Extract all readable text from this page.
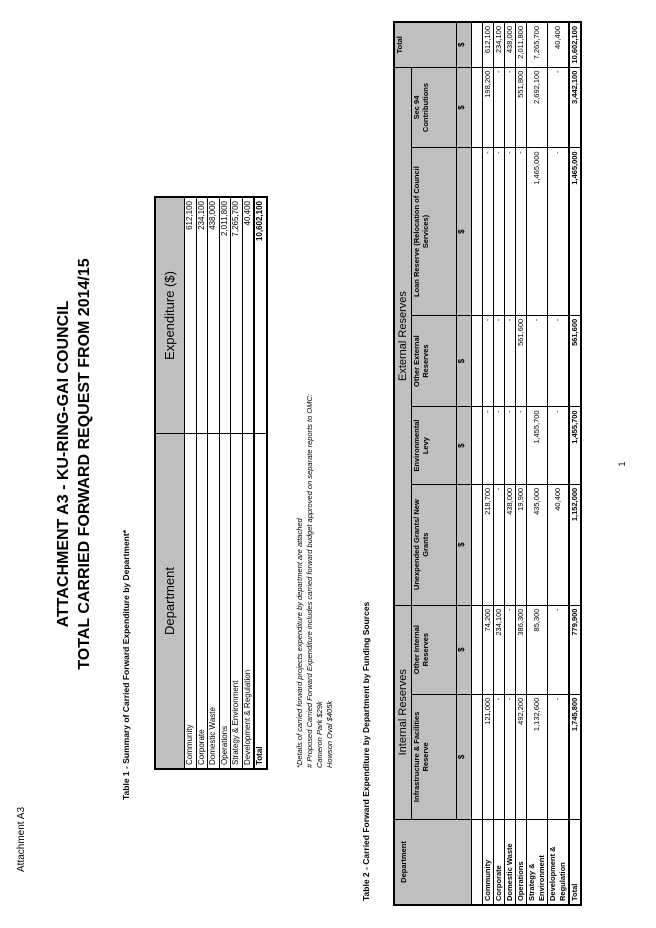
Attachment A3
ATTACHMENT A3 - KU-RING-GAI COUNCIL TOTAL CARRIED FORWARD REQUEST FROM 2014/15	Table 1 - Summary of Carried Forward Expenditure by Department* Department	Expenditure ($)
Community	612,100
Corporate	234,100
Domestic Waste	438,000
Operations	2,011,800
Strategy & Environment	7,265,700
Development & Regulation	40,400
Total	10,602,100
*Details of carried forward projects expenditure by department are attached # Proposed Carried Forward Expenditure includes carried forward budget approved on separate reports to OMC: Cameron Park $29k Howson Oval $405k	Table 2 - Carried Forward Expenditure by Department by Funding Sources	Department	Internal Reserves		External Reserves					Total
	Infrastructure & Facilities Reserve	Other Internal Reserves	Unexpended Grants/ New Grants	Environmental Levy	Other External Reserves	Loan Reserve (Relocation of Council Services)	Sec 94 Contributions	
	$	$	$	$	$	$	$	$

Community	121,000	74,200	218,700	-	-	-	198,200	612,100
Corporate	-	234,100	-	-	-	-	-	234,100
Domestic Waste	-	-	438,000	-	-	-	-	438,000
Operations	492,200	386,300	19,900	-	561,600	-	551,800	2,011,800
Strategy & Environment	1,132,600	85,300	435,000	1,455,700	-	1,465,000	2,692,100	7,265,700
Development & Regulation	-	-	40,400	-	-	-	-	40,400
Total	1,745,800	779,900	1,152,000	1,455,700	561,600	1,465,000	3,442,100	10,602,100
1
